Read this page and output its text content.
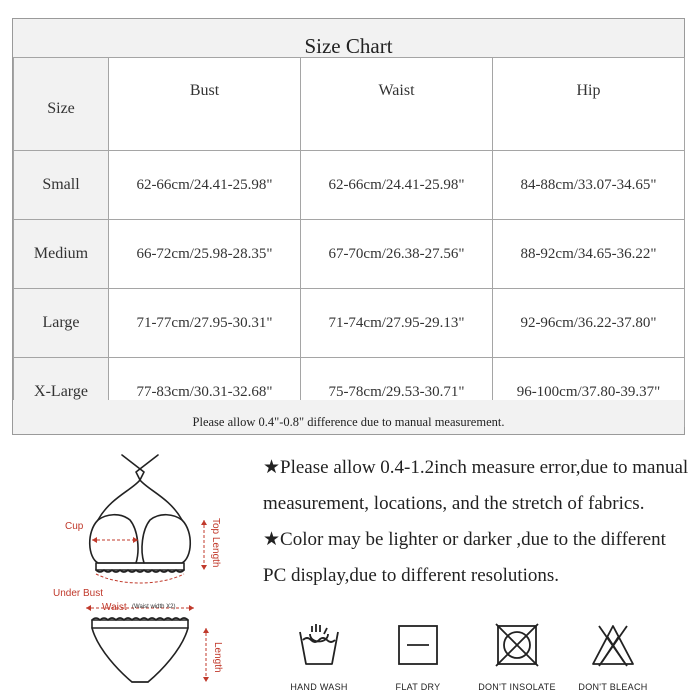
Size Chart
Size	Bust	Waist	Hip
Small	62-66cm/24.41-25.98"	62-66cm/24.41-25.98"	84-88cm/33.07-34.65"
Medium	66-72cm/25.98-28.35"	67-70cm/26.38-27.56"	88-92cm/34.65-36.22"
Large	71-77cm/27.95-30.31"	71-74cm/27.95-29.13"	92-96cm/36.22-37.80"
X-Large	77-83cm/30.31-32.68"	75-78cm/29.53-30.71"	96-100cm/37.80-39.37"
Please allow 0.4"-0.8" difference due to manual measurement.
Cup	Top Length
Under Bust
Waist (Waist width X2)
Length

★Please allow 0.4-1.2inch measure error,due to manual measurement, locations, and the stretch of fabrics.

★Color may be lighter or darker ,due to the different PC display,due to different resolutions.

HAND WASH	FLAT DRY	DON'T INSOLATE	DON'T BLEACH
